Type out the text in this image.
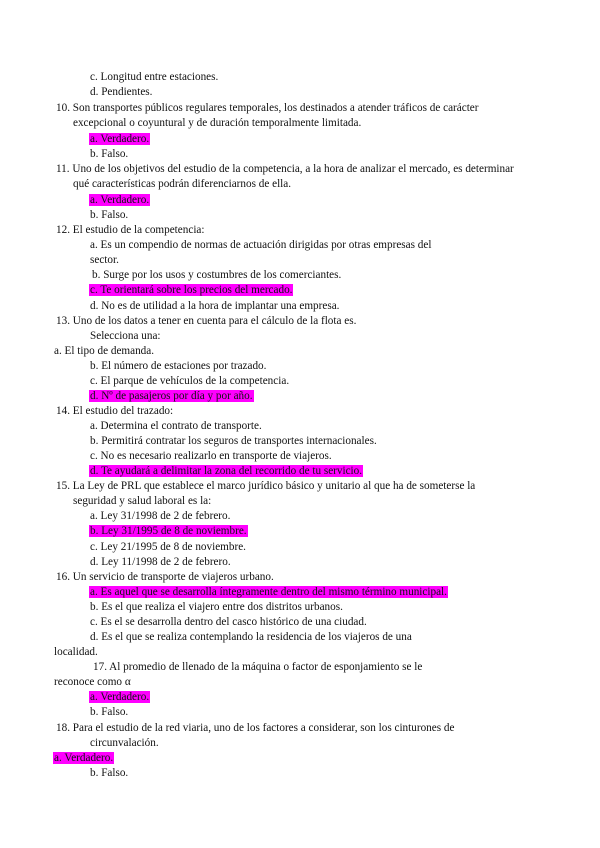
c. Longitud entre estaciones.
d. Pendientes.
10. Son transportes públicos regulares temporales, los destinados a atender tráficos de carácter
excepcional o coyuntural y de duración temporalmente limitada.
a. Verdadero.
b. Falso.
11. Uno de los objetivos del estudio de la competencia, a la hora de analizar el mercado, es determinar
qué características podrán diferenciarnos de ella.
a. Verdadero.
b. Falso.
12. El estudio de la competencia:
a. Es un compendio de normas de actuación dirigidas por otras empresas del
sector.
b. Surge por los usos y costumbres de los comerciantes.
c. Te orientará sobre los precios del mercado.
d. No es de utilidad a la hora de implantar una empresa.
13. Uno de los datos a tener en cuenta para el cálculo de la flota es.
Selecciona una:
a. El tipo de demanda.
b. El número de estaciones por trazado.
c. El parque de vehículos de la competencia.
d. Nº de pasajeros por día y por año.
14. El estudio del trazado:
a. Determina el contrato de transporte.
b. Permitirá contratar los seguros de transportes internacionales.
c. No es necesario realizarlo en transporte de viajeros.
d. Te ayudará a delimitar la zona del recorrido de tu servicio.
15. La Ley de PRL que establece el marco jurídico básico y unitario al que ha de someterse la
seguridad y salud laboral es la:
a. Ley 31/1998 de 2 de febrero.
b. Ley 31/1995 de 8 de noviembre.
c. Ley 21/1995 de 8 de noviembre.
d. Ley 11/1998 de 2 de febrero.
16. Un servicio de transporte de viajeros urbano.
a. Es aquel que se desarrolla íntegramente dentro del mismo término municipal.
b. Es el que realiza el viajero entre dos distritos urbanos.
c. Es el se desarrolla dentro del casco histórico de una ciudad.
d. Es el que se realiza contemplando la residencia de los viajeros de una
localidad.
17. Al promedio de llenado de la máquina o factor de esponjamiento se le
reconoce como α
a. Verdadero.
b. Falso.
18. Para el estudio de la red viaria, uno de los factores a considerar, son los cinturones de
circunvalación.
a. Verdadero.
b. Falso.
